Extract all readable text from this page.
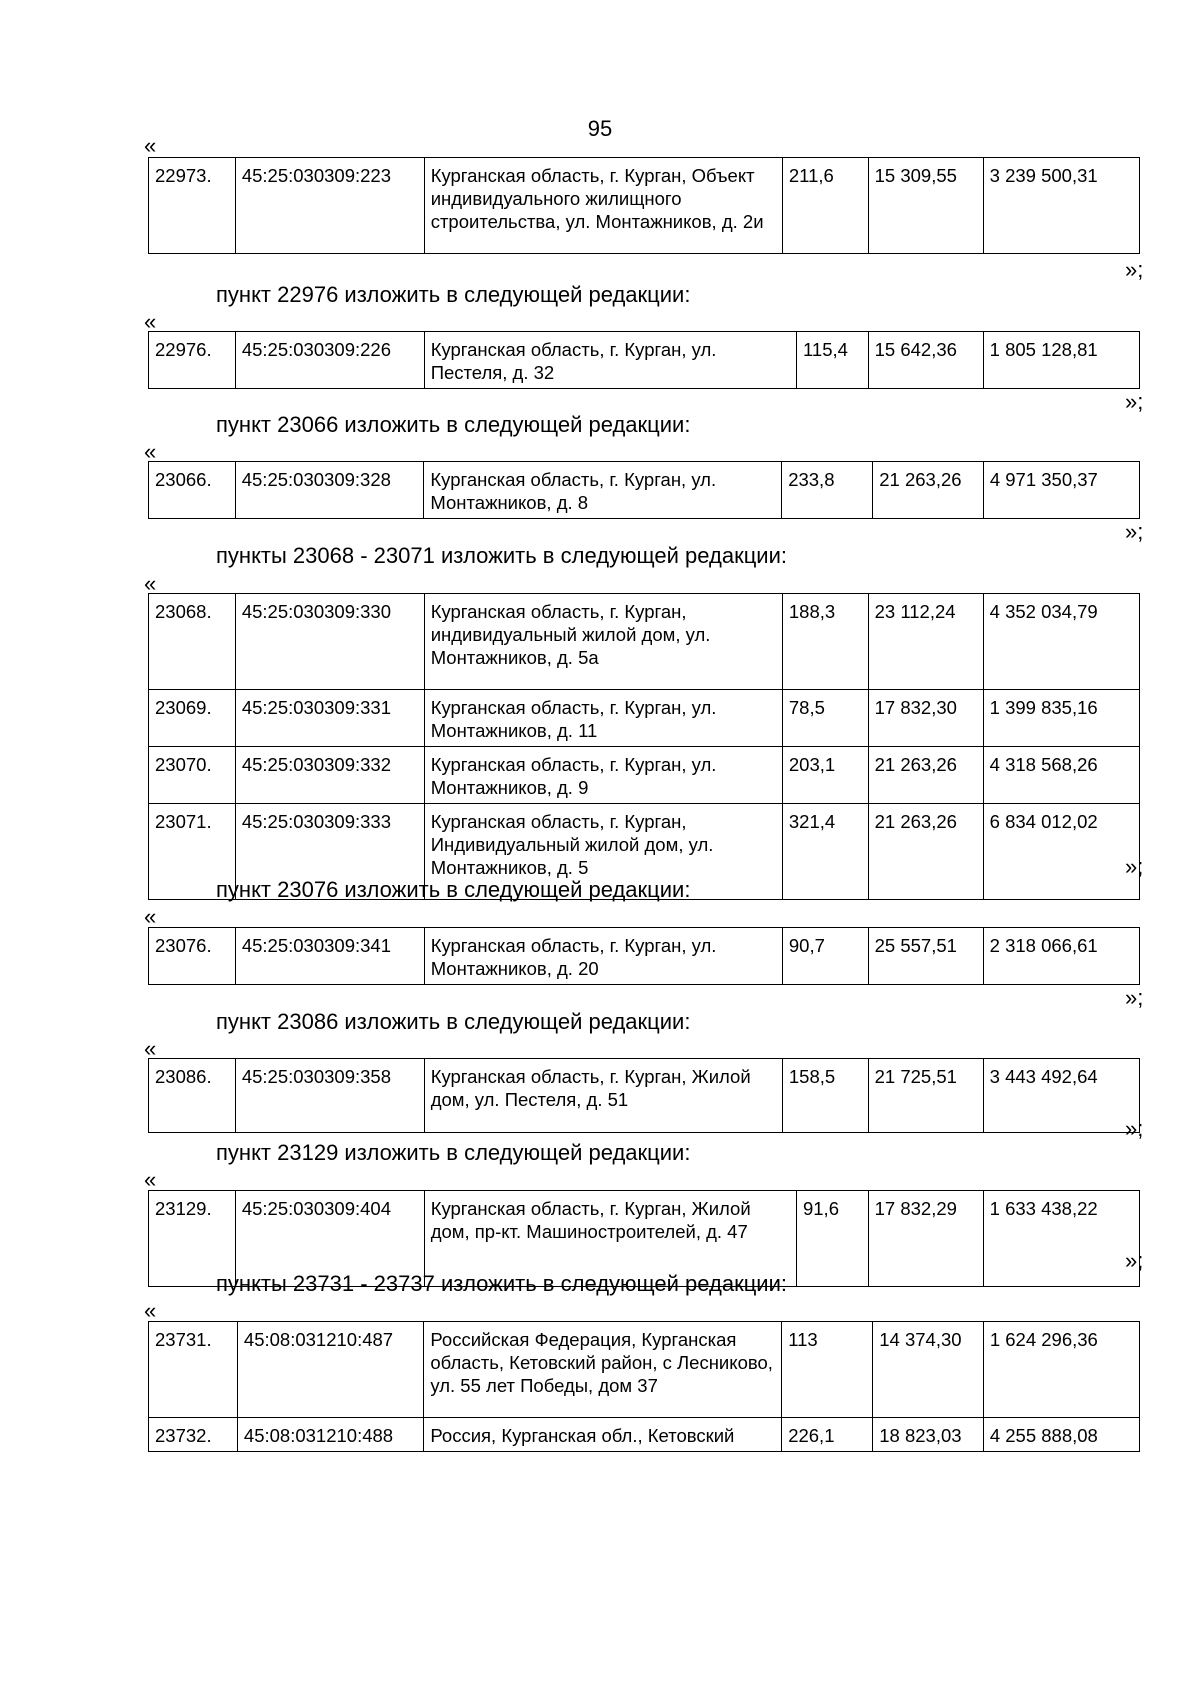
95
«
22973.	45:25:030309:223	Курганская область, г. Курган, Объект индивидуального жилищного строительства, ул. Монтажников, д. 2и	211,6	15 309,55	3 239 500,31
»;
пункт 22976 изложить в следующей редакции:
«
22976.	45:25:030309:226	Курганская область, г. Курган, ул. Пестеля, д. 32	115,4	15 642,36	1 805 128,81
»;
пункт 23066 изложить в следующей редакции:
«
23066.	45:25:030309:328	Курганская область, г. Курган, ул. Монтажников, д. 8	233,8	21 263,26	4 971 350,37
»;
пункты 23068 - 23071 изложить в следующей редакции:
«
23068.	45:25:030309:330	Курганская область, г. Курган, индивидуальный жилой дом, ул. Монтажников, д. 5а	188,3	23 112,24	4 352 034,79
23069.	45:25:030309:331	Курганская область, г. Курган, ул. Монтажников, д. 11	78,5	17 832,30	1 399 835,16
23070.	45:25:030309:332	Курганская область, г. Курган, ул. Монтажников, д. 9	203,1	21 263,26	4 318 568,26
23071.	45:25:030309:333	Курганская область, г. Курган, Индивидуальный жилой дом, ул. Монтажников, д. 5	321,4	21 263,26	6 834 012,02
»;
пункт 23076 изложить в следующей редакции:
«
23076.	45:25:030309:341	Курганская область, г. Курган, ул. Монтажников, д. 20	90,7	25 557,51	2 318 066,61
»;
пункт 23086 изложить в следующей редакции:
«
23086.	45:25:030309:358	Курганская область, г. Курган, Жилой дом, ул. Пестеля, д. 51	158,5	21 725,51	3 443 492,64
»;
пункт 23129 изложить в следующей редакции:
«
23129.	45:25:030309:404	Курганская область, г. Курган, Жилой дом, пр-кт. Машиностроителей, д. 47	91,6	17 832,29	1 633 438,22
»;
пункты 23731 - 23737 изложить в следующей редакции:
«
23731.	45:08:031210:487	Российская Федерация, Курганская область, Кетовский район, с Лесниково, ул. 55 лет Победы, дом 37	113	14 374,30	1 624 296,36
23732.	45:08:031210:488	Россия, Курганская обл., Кетовский	226,1	18 823,03	4 255 888,08
